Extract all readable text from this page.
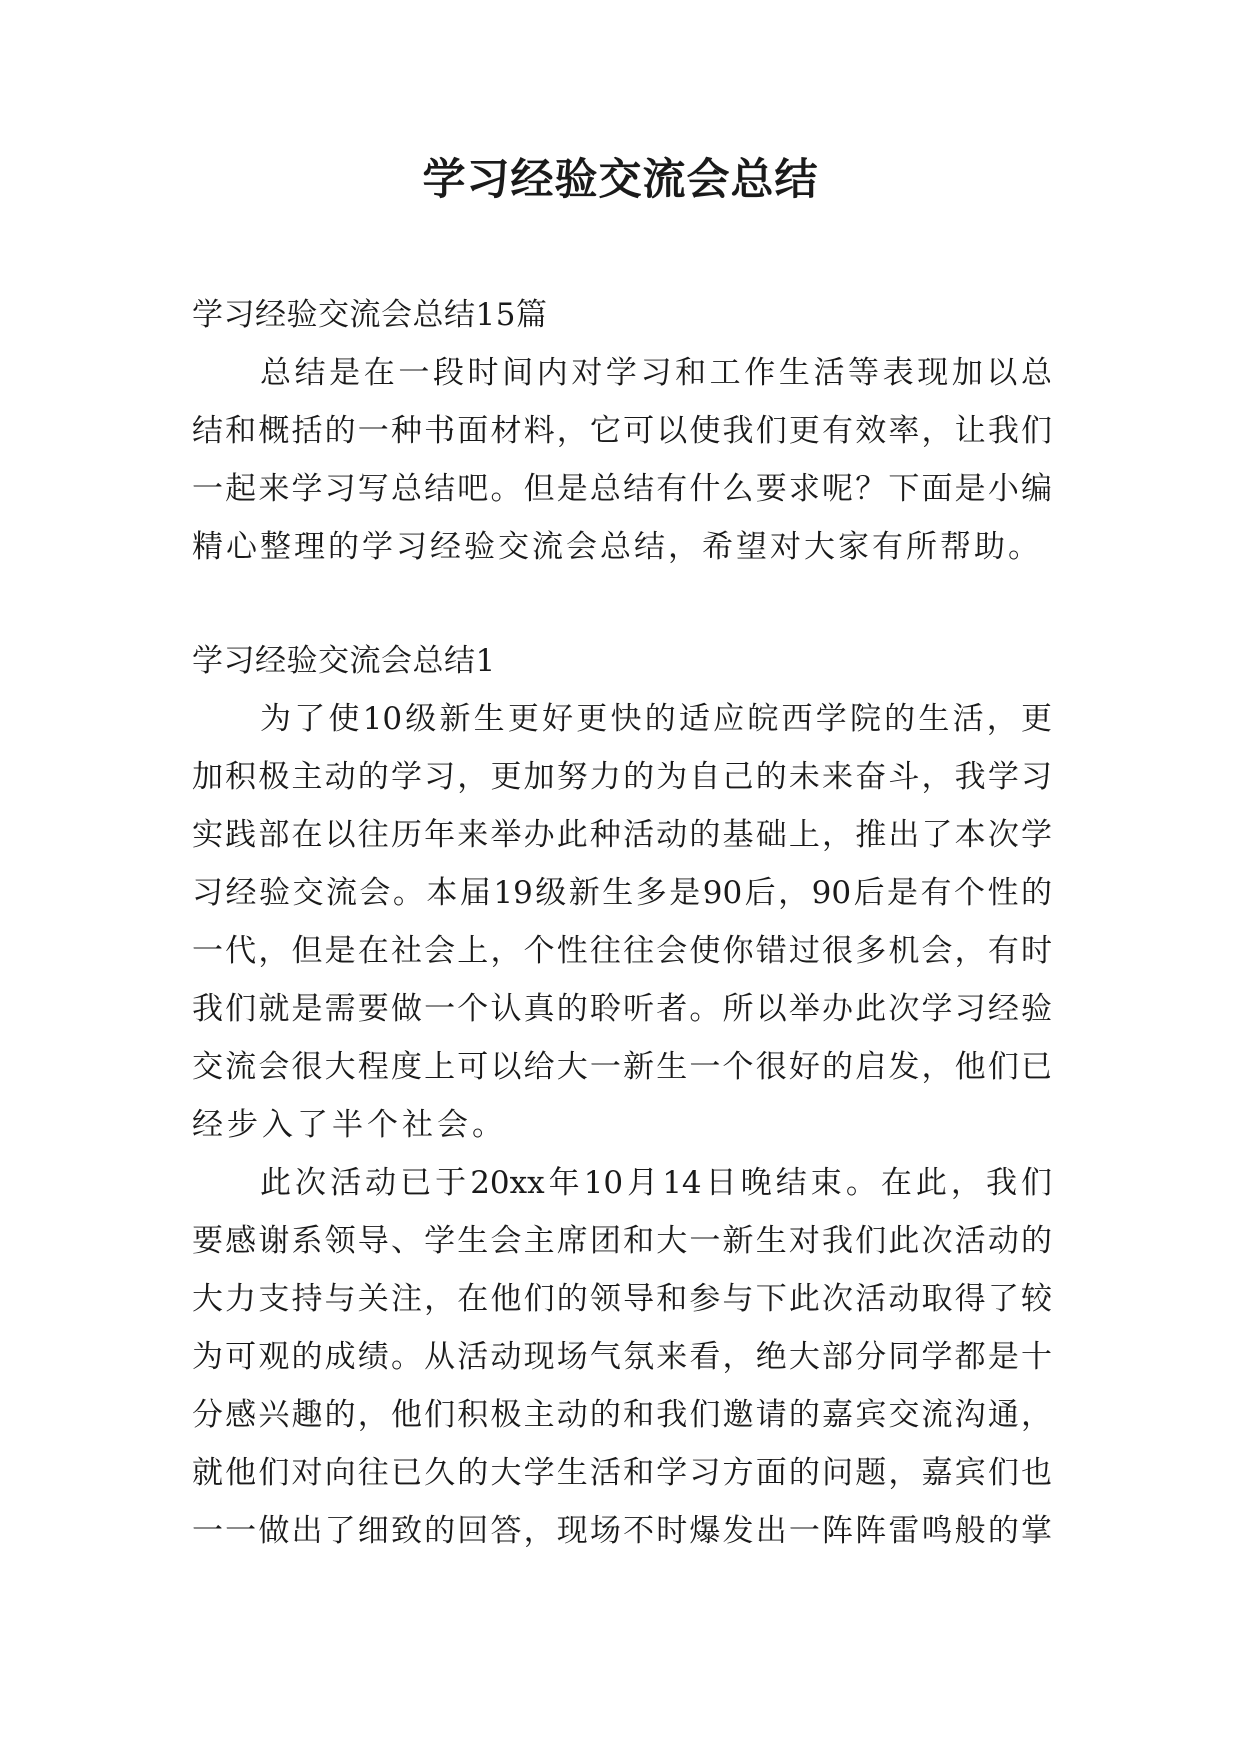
学习经验交流会总结
学习经验交流会总结15篇
总结是在一段时间内对学习和工作生活等表现加以总
结和概括的一种书面材料，它可以使我们更有效率，让我们
一起来学习写总结吧。但是总结有什么要求呢？下面是小编
精心整理的学习经验交流会总结，希望对大家有所帮助。
学习经验交流会总结1
为了使10级新生更好更快的适应皖西学院的生活，更
加积极主动的学习，更加努力的为自己的未来奋斗，我学习
实践部在以往历年来举办此种活动的基础上，推出了本次学
习经验交流会。本届19级新生多是90后，90后是有个性的
一代，但是在社会上，个性往往会使你错过很多机会，有时
我们就是需要做一个认真的聆听者。所以举办此次学习经验
交流会很大程度上可以给大一新生一个很好的启发，他们已
经步入了半个社会。
此次活动已于20xx年10月14日晚结束。在此，我们
要感谢系领导、学生会主席团和大一新生对我们此次活动的
大力支持与关注，在他们的领导和参与下此次活动取得了较
为可观的成绩。从活动现场气氛来看，绝大部分同学都是十
分感兴趣的，他们积极主动的和我们邀请的嘉宾交流沟通，
就他们对向往已久的大学生活和学习方面的问题，嘉宾们也
一一做出了细致的回答，现场不时爆发出一阵阵雷鸣般的掌
